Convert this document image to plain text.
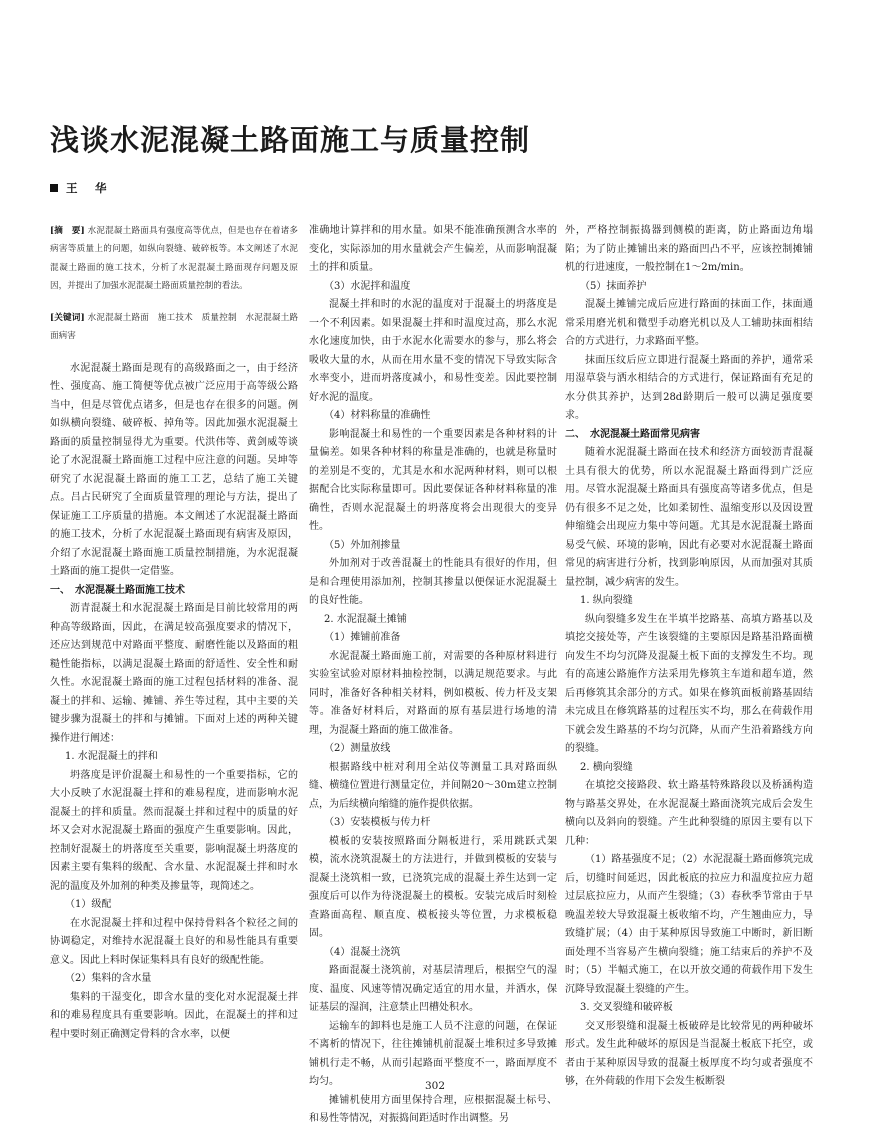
浅谈水泥混凝土路面施工与质量控制
王　华

[摘　要] 水泥混凝土路面具有强度高等优点，但是也存在着诸多病害等质量上的问题，如纵向裂缝、破碎板等。本文阐述了水泥混凝土路面的施工技术，分析了水泥混凝土路面现存问题及原因，并提出了加强水泥混凝土路面质量控制的看法。

[关键词] 水泥混凝土路面　施工技术　质量控制　水泥混凝土路面病害

水泥混凝土路面是现有的高级路面之一，由于经济性、强度高、施工简便等优点被广泛应用于高等级公路当中，但是尽管优点诸多，但是也存在很多的问题。例如纵横向裂缝、破碎板、掉角等。因此加强水泥混凝土路面的质量控制显得尤为重要。代洪伟等、黄剑威等谈论了水泥混凝土路面施工过程中应注意的问题。吴坤等研究了水泥混凝土路面的施工工艺，总结了施工关键点。吕占民研究了全面质量管理的理论与方法，提出了保证施工工序质量的措施。本文阐述了水泥混凝土路面的施工技术，分析了水泥混凝土路面现有病害及原因，介绍了水泥混凝土路面施工质量控制措施，为水泥混凝土路面的施工提供一定借鉴。

一、　水泥混凝土路面施工技术

沥青混凝土和水泥混凝土路面是目前比较常用的两种高等级路面，因此，在满足较高强度要求的情况下，还应达到规范中对路面平整度、耐磨性能以及路面的粗糙性能指标，以满足混凝土路面的舒适性、安全性和耐久性。水泥混凝土路面的施工过程包括材料的准备、混凝土的拌和、运输、摊铺、养生等过程，其中主要的关键步骤为混凝土的拌和与摊铺。下面对上述的两种关键操作进行阐述：

1. 水泥混凝土的拌和

坍落度是评价混凝土和易性的一个重要指标，它的大小反映了水泥混凝土拌和的难易程度，进而影响水泥混凝土的拌和质量。然而混凝土拌和过程中的质量的好坏又会对水泥混凝土路面的强度产生重要影响。因此，控制好混凝土的坍落度至关重要，影响混凝土坍落度的因素主要有集料的级配、含水量、水泥混凝土拌和时水泥的温度及外加剂的种类及掺量等，现简述之。

（1）级配

在水泥混凝土拌和过程中保持骨料各个粒径之间的协调稳定，对维持水泥混凝土良好的和易性能具有重要意义。因此上料时保证集料具有良好的级配性能。

（2）集料的含水量

集料的干湿变化，即含水量的变化对水泥混凝土拌和的难易程度具有重要影响。因此，在混凝土的拌和过程中要时刻正确测定骨料的含水率，以便

准确地计算拌和的用水量。如果不能准确预测含水率的变化，实际添加的用水量就会产生偏差，从而影响混凝土的拌和质量。

（3）水泥拌和温度

混凝土拌和时的水泥的温度对于混凝土的坍落度是一个不利因素。如果混凝土拌和时温度过高，那么水泥水化速度加快，由于水泥水化需要水的参与，那么将会吸收大量的水，从而在用水量不变的情况下导致实际含水率变小，进而坍落度减小，和易性变差。因此要控制好水泥的温度。

（4）材料称量的准确性

影响混凝土和易性的一个重要因素是各种材料的计量偏差。如果各种材料的称量是准确的，也就是称量时的差别是不变的，尤其是水和水泥两种材料，则可以根据配合比实际称量即可。因此要保证各种材料称量的准确性，否则水泥混凝土的坍落度将会出现很大的变异性。

（5）外加剂掺量

外加剂对于改善混凝土的性能具有很好的作用，但是和合理使用添加剂，控制其掺量以便保证水泥混凝土的良好性能。

2. 水泥混凝土摊铺

（1）摊铺前准备

水泥混凝土路面施工前，对需要的各种原材料进行实验室试验对原材料抽检控制，以满足规范要求。与此同时，准备好各种相关材料，例如模板、传力杆及支架等。准备好材料后，对路面的原有基层进行场地的清理，为混凝土路面的施工做准备。

（2）测量放线

根据路线中桩对利用全站仪等测量工具对路面纵缝、横缝位置进行测量定位，并间隔20～30m建立控制点，为后续横向缩缝的施作提供依据。

（3）安装模板与传力杆

模板的安装按照路面分隔板进行，采用跳跃式架模，流水浇筑混凝土的方法进行，并做到模板的安装与混凝土浇筑相一致，已浇筑完成的混凝土养生达到一定强度后可以作为待浇混凝土的模板。安装完成后时刻检查路面高程、顺直度、模板接头等位置，力求模板稳固。

（4）混凝土浇筑

路面混凝土浇筑前，对基层清理后，根据空气的湿度、温度、风速等情况确定适宜的用水量，并洒水，保证基层的湿润，注意禁止凹槽处积水。

运输车的卸料也是施工人员不注意的问题，在保证不离析的情况下，往往摊铺机前混凝土堆积过多导致摊铺机行走不畅，从而引起路面平整度不一，路面厚度不均匀。

摊铺机使用方面里保持合理，应根据混凝土标号、和易性等情况，对振捣间距适时作出调整。另

外，严格控制振捣器到侧模的距离，防止路面边角塌陷；为了防止摊铺出来的路面凹凸不平，应该控制摊铺机的行进速度，一般控制在1～2m/min。

（5）抹面养护

混凝土摊铺完成后应进行路面的抹面工作，抹面通常采用磨光机和微型手动磨光机以及人工辅助抹面相结合的方式进行，力求路面平整。

抹面压纹后应立即进行混凝土路面的养护，通常采用湿草袋与洒水相结合的方式进行，保证路面有充足的水分供其养护，达到28d龄期后一般可以满足强度要求。

二、　水泥混凝土路面常见病害

随着水泥混凝土路面在技术和经济方面较沥青混凝土具有很大的优势，所以水泥混凝土路面得到广泛应用。尽管水泥混凝土路面具有强度高等诸多优点，但是仍有很多不足之处，比如柔韧性、温缩变形以及因设置伸缩缝会出现应力集中等问题。尤其是水泥混凝土路面易受气候、环境的影响，因此有必要对水泥混凝土路面常见的病害进行分析，找到影响原因，从而加强对其质量控制，减少病害的发生。

1. 纵向裂缝

纵向裂缝多发生在半填半挖路基、高填方路基以及填挖交接处等，产生该裂缝的主要原因是路基沿路面横向发生不均匀沉降及混凝土板下面的支撑发生不均。现有的高速公路施作方法采用先修筑主车道和超车道，然后再修筑其余部分的方式。如果在修筑面板前路基固结未完成且在修筑路基的过程压实不均，那么在荷载作用下就会发生路基的不均匀沉降，从而产生沿着路线方向的裂缝。

2. 横向裂缝

在填挖交接路段、软土路基特殊路段以及桥涵构造物与路基交界处，在水泥混凝土路面浇筑完成后会发生横向以及斜向的裂缝。产生此种裂缝的原因主要有以下几种：

（1）路基强度不足；（2）水泥混凝土路面修筑完成后，切缝时间延迟，因此板底的拉应力和温度拉应力超过层底拉应力，从而产生裂缝；（3）春秋季节常由于早晚温差较大导致混凝土板收缩不均，产生翘曲应力，导致缝扩展；（4）由于某种原因导致施工中断时，新旧断面处理不当容易产生横向裂缝；施工结束后的养护不及时；（5）半幅式施工，在以开放交通的荷载作用下发生沉降导致混凝土裂缝的产生。

3. 交叉裂缝和破碎板

交叉形裂缝和混凝土板破碎是比较常见的两种破坏形式。发生此种破坏的原因是当混凝土板底下托空，或者由于某种原因导致的混凝土板厚度不均匀或者强度不够，在外荷载的作用下会发生板断裂

302
